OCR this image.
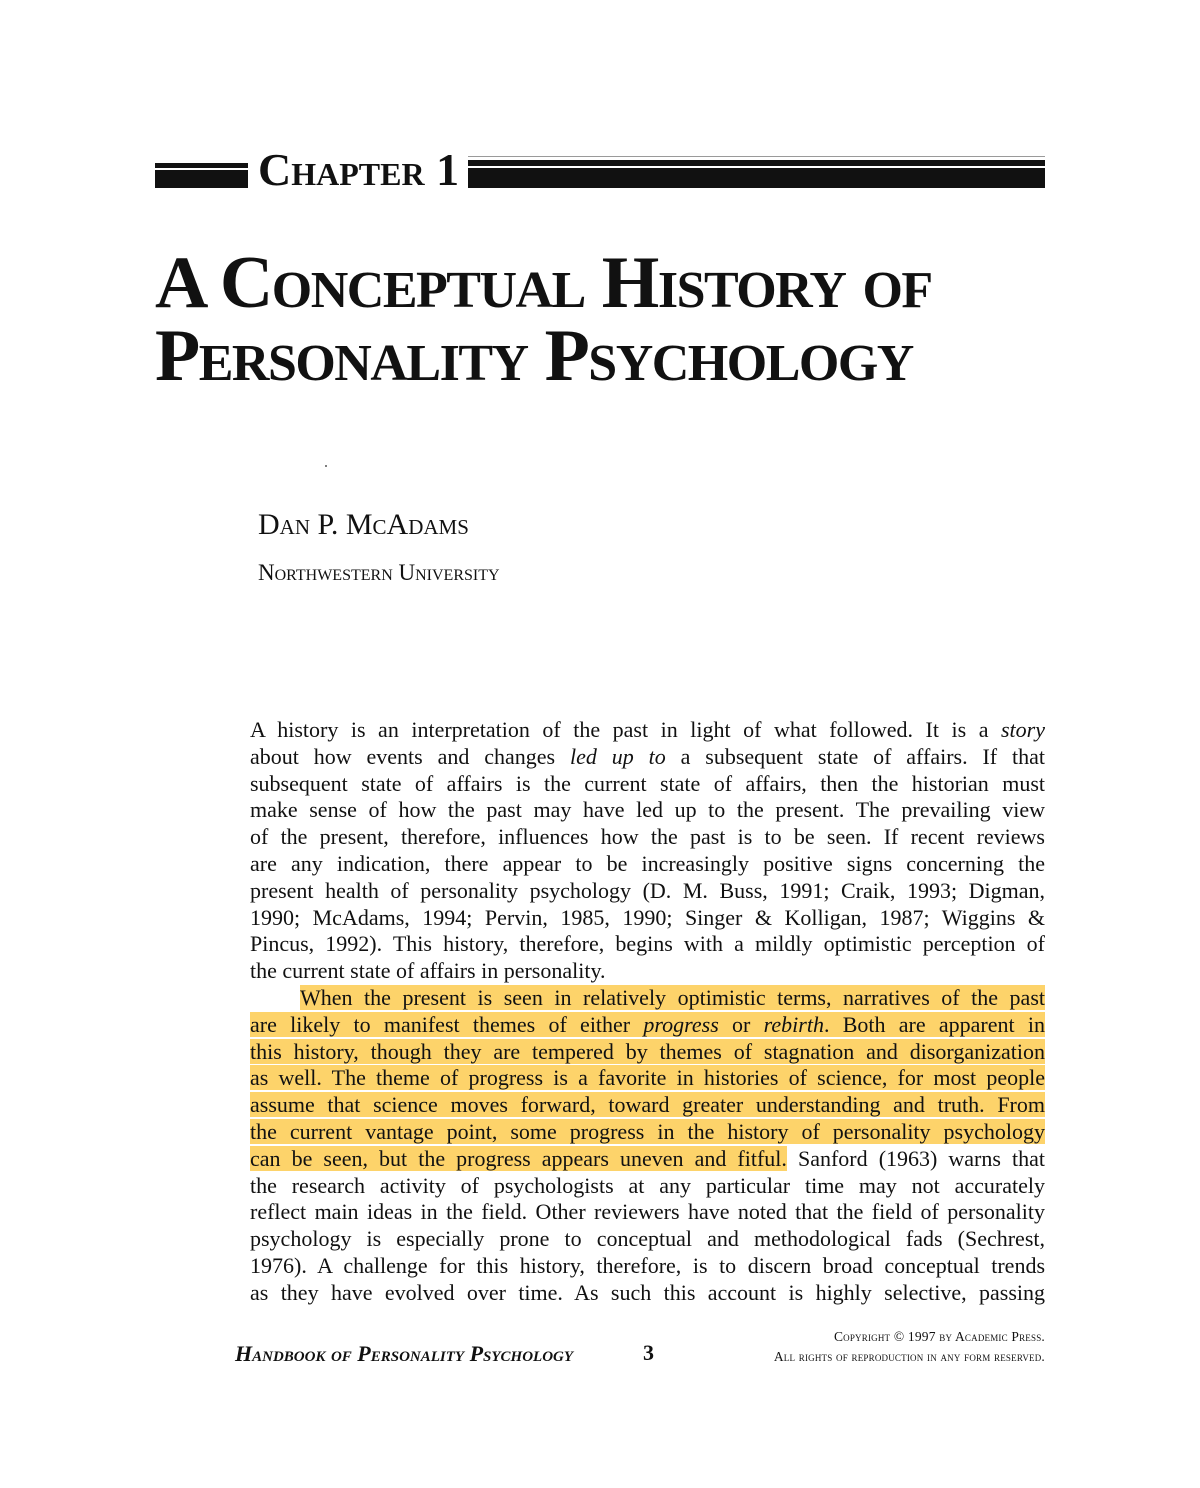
Chapter 1
A Conceptual History of
Personality Psychology
Dan P. McAdams
Northwestern University
A history is an interpretation of the past in light of what followed. It is a story
about how events and changes led up to a subsequent state of affairs. If that
subsequent state of affairs is the current state of affairs, then the historian must
make sense of how the past may have led up to the present. The prevailing view
of the present, therefore, influences how the past is to be seen. If recent reviews
are any indication, there appear to be increasingly positive signs concerning the
present health of personality psychology (D. M. Buss, 1991; Craik, 1993; Digman,
1990; McAdams, 1994; Pervin, 1985, 1990; Singer & Kolligan, 1987; Wiggins &
Pincus, 1992). This history, therefore, begins with a mildly optimistic perception of
the current state of affairs in personality.
When the present is seen in relatively optimistic terms, narratives of the past
are likely to manifest themes of either progress or rebirth. Both are apparent in
this history, though they are tempered by themes of stagnation and disorganization
as well. The theme of progress is a favorite in histories of science, for most people
assume that science moves forward, toward greater understanding and truth. From
the current vantage point, some progress in the history of personality psychology
can be seen, but the progress appears uneven and fitful. Sanford (1963) warns that
the research activity of psychologists at any particular time may not accurately
reflect main ideas in the field. Other reviewers have noted that the field of personality
psychology is especially prone to conceptual and methodological fads (Sechrest,
1976). A challenge for this history, therefore, is to discern broad conceptual trends
as they have evolved over time. As such this account is highly selective, passing
Handbook of Personality Psychology	3
Copyright © 1997 by Academic Press.
All rights of reproduction in any form reserved.
